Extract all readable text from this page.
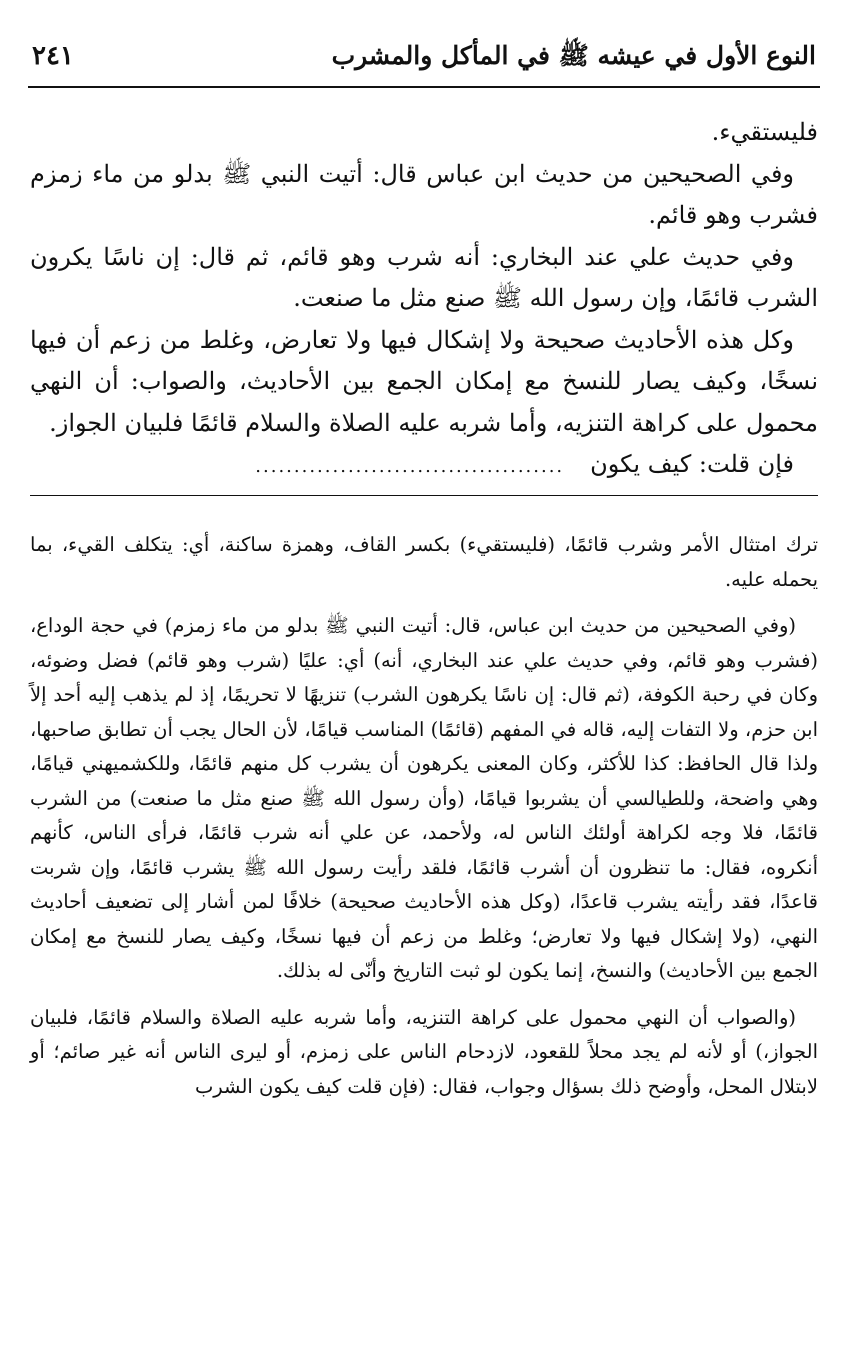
النوع الأول في عيشه ﷺ في المأكل والمشرب
٢٤١

فليستقيء.

وفي الصحيحين من حديث ابن عباس قال: أتيت النبي ﷺ بدلو من ماء زمزم فشرب وهو قائم.

وفي حديث علي عند البخاري: أنه شرب وهو قائم، ثم قال: إن ناسًا يكرون الشرب قائمًا، وإن رسول الله ﷺ صنع مثل ما صنعت.

وكل هذه الأحاديث صحيحة ولا إشكال فيها ولا تعارض، وغلط من زعم أن فيها نسخًا، وكيف يصار للنسخ مع إمكان الجمع بين الأحاديث، والصواب: أن النهي محمول على كراهة التنزيه، وأما شربه عليه الصلاة والسلام قائمًا فلبيان الجواز.

فإن قلت: كيف يكون
........................................

ترك امتثال الأمر وشرب قائمًا، (فليستقيء) بكسر القاف، وهمزة ساكنة، أي: يتكلف القيء، بما يحمله عليه.

(وفي الصحيحين من حديث ابن عباس، قال: أتيت النبي ﷺ بدلو من ماء زمزم) في حجة الوداع، (فشرب وهو قائم، وفي حديث علي عند البخاري، أنه) أي: عليًا (شرب وهو قائم) فضل وضوئه، وكان في رحبة الكوفة، (ثم قال: إن ناسًا يكرهون الشرب) تنزيهًا لا تحريمًا، إذ لم يذهب إليه أحد إلاً ابن حزم، ولا التفات إليه، قاله في المفهم (قائمًا) المناسب قيامًا، لأن الحال يجب أن تطابق صاحبها، ولذا قال الحافظ: كذا للأكثر، وكان المعنى يكرهون أن يشرب كل منهم قائمًا، وللكشميهني قيامًا، وهي واضحة، وللطيالسي أن يشربوا قيامًا، (وأن رسول الله ﷺ صنع مثل ما صنعت) من الشرب قائمًا، فلا وجه لكراهة أولئك الناس له، ولأحمد، عن علي أنه شرب قائمًا، فرأى الناس، كأنهم أنكروه، فقال: ما تنظرون أن أشرب قائمًا، فلقد رأيت رسول الله ﷺ يشرب قائمًا، وإن شربت قاعدًا، فقد رأيته يشرب قاعدًا، (وكل هذه الأحاديث صحيحة) خلافًا لمن أشار إلى تضعيف أحاديث النهي، (ولا إشكال فيها ولا تعارض؛ وغلط من زعم أن فيها نسخًا، وكيف يصار للنسخ مع إمكان الجمع بين الأحاديث) والنسخ، إنما يكون لو ثبت التاريخ وأنّى له بذلك.

(والصواب أن النهي محمول على كراهة التنزيه، وأما شربه عليه الصلاة والسلام قائمًا، فلبيان الجواز،) أو لأنه لم يجد محلاً للقعود، لازدحام الناس على زمزم، أو ليرى الناس أنه غير صائم؛ أو لابتلال المحل، وأوضح ذلك بسؤال وجواب، فقال: (فإن قلت كيف يكون الشرب
